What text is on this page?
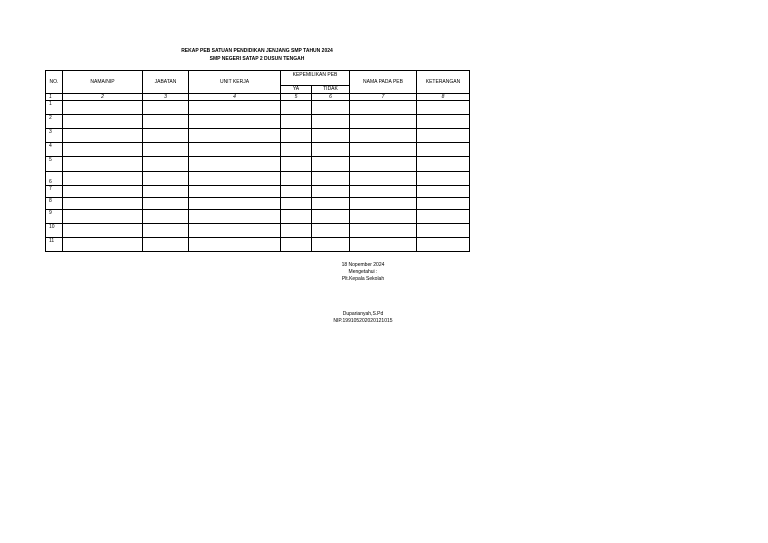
REKAP PEB SATUAN PENDIDIKAN JENJANG SMP TAHUN 2024
SMP NEGERI SATAP 2 DUSUN TENGAH
NO.	NAMA/NIP	JABATAN	UNIT KERJA	KEPEMILIKAN PEB		NAMA PADA PEB	KETERANGAN
				YA	TIDAK		
1	2	3	4	5	6	7	8
1							
2							
3							
4							
5							
6							
7							
8							
9							
10							
11							
18 Nopember 2024
Mengetahui :
Plt.Kepala Sekolah
Duparianyah,S.Pd
NIP.199105202020121015
